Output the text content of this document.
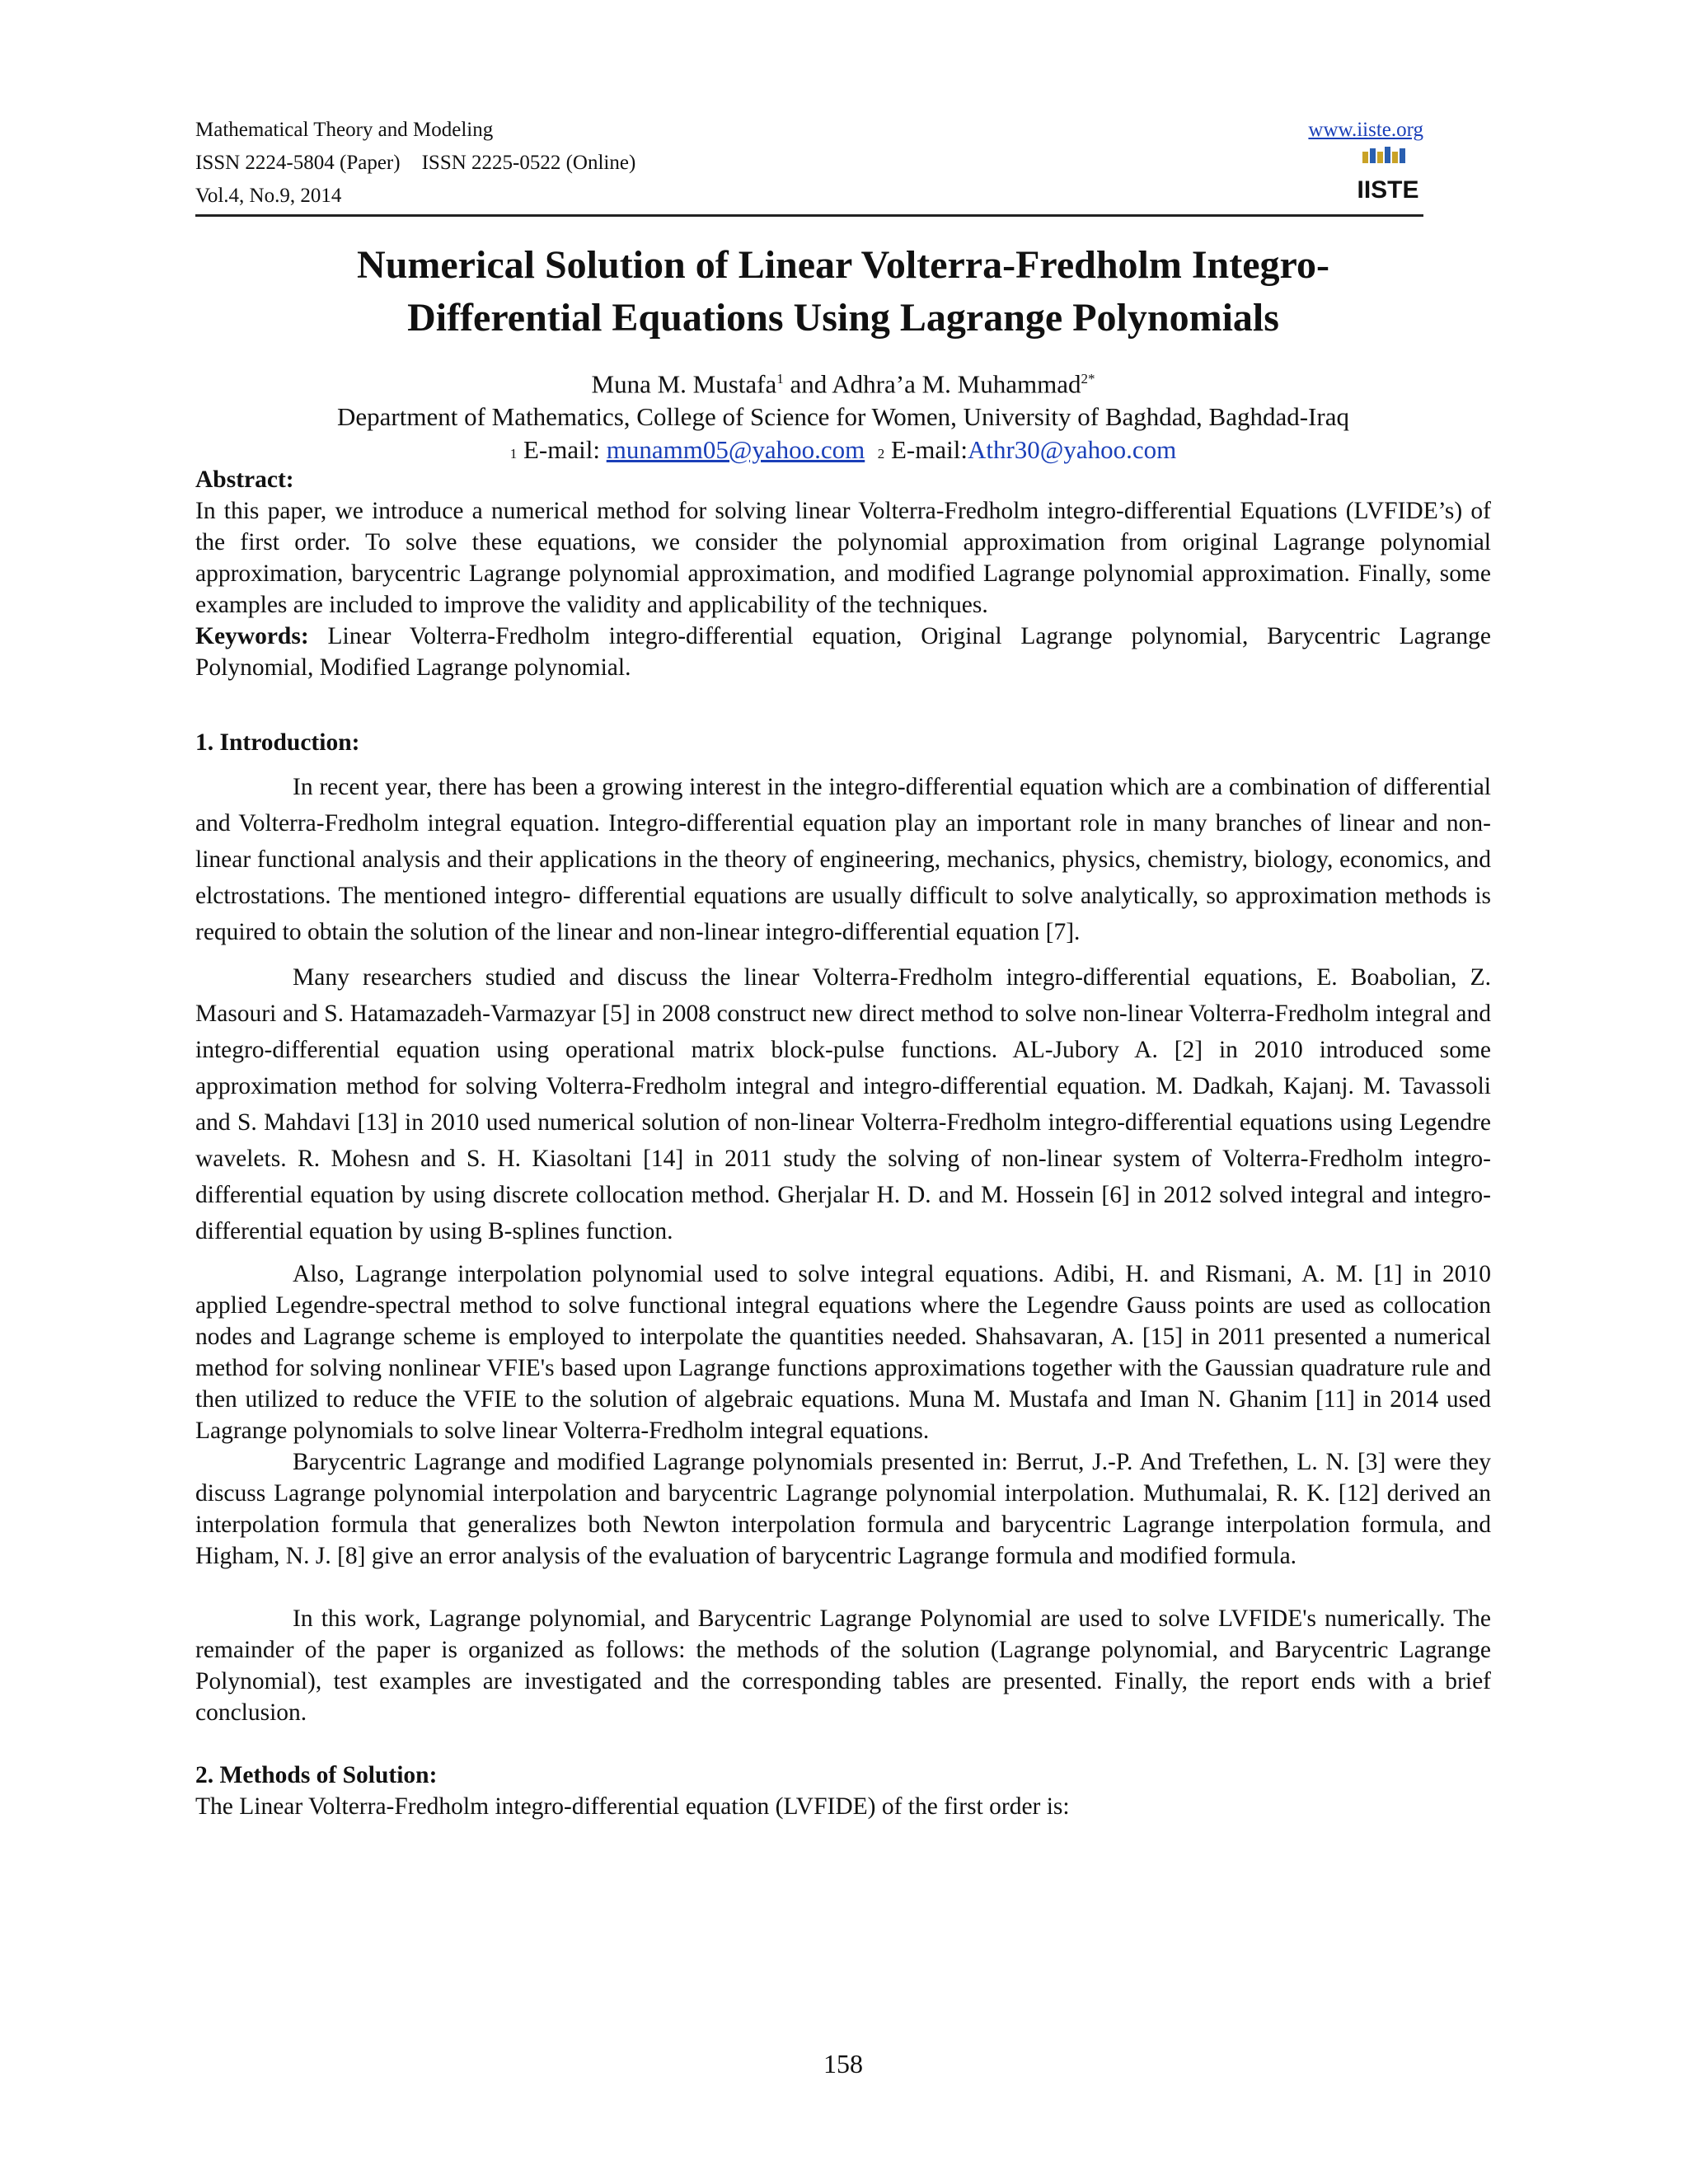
Mathematical Theory and Modeling
ISSN 2224-5804 (Paper) ISSN 2225-0522 (Online)
Vol.4, No.9, 2014
www.iiste.org
IISTE
Numerical Solution of Linear Volterra-Fredholm Integro-
Differential Equations Using Lagrange Polynomials
Muna M. Mustafa$^1$ and Adhra’a M. Muhammad$^{2*}$
Department of Mathematics, College of Science for Women, University of Baghdad, Baghdad-Iraq
1 E-mail: munamm05@yahoo.com 2 E-mail:Athr30@yahoo.com

Abstract:

In this paper, we introduce a numerical method for solving linear Volterra-Fredholm integro-differential Equations (LVFIDE’s) of the first order. To solve these equations, we consider the polynomial approximation from original Lagrange polynomial approximation, barycentric Lagrange polynomial approximation, and modified Lagrange polynomial approximation. Finally, some examples are included to improve the validity and applicability of the techniques.

Keywords: Linear Volterra-Fredholm integro-differential equation, Original Lagrange polynomial, Barycentric Lagrange Polynomial, Modified Lagrange polynomial.

1. Introduction:

In recent year, there has been a growing interest in the integro-differential equation which are a combination of differential and Volterra-Fredholm integral equation. Integro-differential equation play an important role in many branches of linear and non-linear functional analysis and their applications in the theory of engineering, mechanics, physics, chemistry, biology, economics, and elctrostations. The mentioned integro- differential equations are usually difficult to solve analytically, so approximation methods is required to obtain the solution of the linear and non-linear integro-differential equation [7].

Many researchers studied and discuss the linear Volterra-Fredholm integro-differential equations, E. Boabolian, Z. Masouri and S. Hatamazadeh-Varmazyar [5] in 2008 construct new direct method to solve non-linear Volterra-Fredholm integral and integro-differential equation using operational matrix block-pulse functions. AL-Jubory A. [2] in 2010 introduced some approximation method for solving Volterra-Fredholm integral and integro-differential equation. M. Dadkah, Kajanj. M. Tavassoli and S. Mahdavi [13] in 2010 used numerical solution of non-linear Volterra-Fredholm integro-differential equations using Legendre wavelets. R. Mohesn and S. H. Kiasoltani [14] in 2011 study the solving of non-linear system of Volterra-Fredholm integro-differential equation by using discrete collocation method. Gherjalar H. D. and M. Hossein [6] in 2012 solved integral and integro-differential equation by using B-splines function.

Also, Lagrange interpolation polynomial used to solve integral equations. Adibi, H. and Rismani, A. M. [1] in 2010 applied Legendre-spectral method to solve functional integral equations where the Legendre Gauss points are used as collocation nodes and Lagrange scheme is employed to interpolate the quantities needed. Shahsavaran, A. [15] in 2011 presented a numerical method for solving nonlinear VFIE's based upon Lagrange functions approximations together with the Gaussian quadrature rule and then utilized to reduce the VFIE to the solution of algebraic equations. Muna M. Mustafa and Iman N. Ghanim [11] in 2014 used Lagrange polynomials to solve linear Volterra-Fredholm integral equations.

Barycentric Lagrange and modified Lagrange polynomials presented in: Berrut, J.-P. And Trefethen, L. N. [3] were they discuss Lagrange polynomial interpolation and barycentric Lagrange polynomial interpolation. Muthumalai, R. K. [12] derived an interpolation formula that generalizes both Newton interpolation formula and barycentric Lagrange interpolation formula, and Higham, N. J. [8] give an error analysis of the evaluation of barycentric Lagrange formula and modified formula.

In this work, Lagrange polynomial, and Barycentric Lagrange Polynomial are used to solve LVFIDE's numerically. The remainder of the paper is organized as follows: the methods of the solution (Lagrange polynomial, and Barycentric Lagrange Polynomial), test examples are investigated and the corresponding tables are presented. Finally, the report ends with a brief conclusion.

2. Methods of Solution:

The Linear Volterra-Fredholm integro-differential equation (LVFIDE) of the first order is:

158
